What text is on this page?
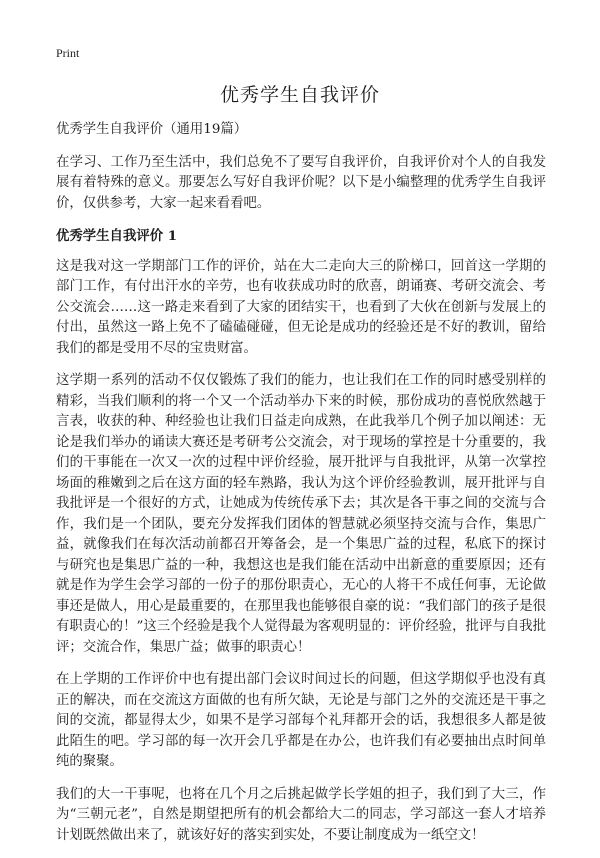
Print
优秀学生自我评价

优秀学生自我评价（通用19篇）

在学习、工作乃至生活中，我们总免不了要写自我评价，自我评价对个人的自我发展有着特殊的意义。那要怎么写好自我评价呢？以下是小编整理的优秀学生自我评价，仅供参考，大家一起来看看吧。

优秀学生自我评价 1

这是我对这一学期部门工作的评价，站在大二走向大三的阶梯口，回首这一学期的部门工作，有付出汗水的辛劳，也有收获成功时的欣喜，朗诵赛、考研交流会、考公交流会……这一路走来看到了大家的团结实干，也看到了大伙在创新与发展上的付出，虽然这一路上免不了磕磕碰碰，但无论是成功的经验还是不好的教训，留给我们的都是受用不尽的宝贵财富。

这学期一系列的活动不仅仅锻炼了我们的能力，也让我们在工作的同时感受别样的精彩，当我们顺利的将一个又一个活动举办下来的时候，那份成功的喜悦欣然越于言表，收获的种、种经验也让我们日益走向成熟，在此我举几个例子加以阐述：无论是我们举办的诵读大赛还是考研考公交流会，对于现场的掌控是十分重要的，我们的干事能在一次又一次的过程中评价经验，展开批评与自我批评，从第一次掌控场面的稚嫩到之后在这方面的轻车熟路，我认为这个评价经验教训，展开批评与自我批评是一个很好的方式，让她成为传统传承下去；其次是各干事之间的交流与合作，我们是一个团队，要充分发挥我们团体的智慧就必须坚持交流与合作，集思广益，就像我们在每次活动前都召开筹备会，是一个集思广益的过程，私底下的探讨与研究也是集思广益的一种，我想这也是我们能在活动中出新意的重要原因；还有就是作为学生会学习部的一份子的那份职责心，无心的人将干不成任何事，无论做事还是做人，用心是最重要的，在那里我也能够很自豪的说：“我们部门的孩子是很有职责心的！”这三个经验是我个人觉得最为客观明显的：评价经验，批评与自我批评；交流合作，集思广益；做事的职责心！

在上学期的工作评价中也有提出部门会议时间过长的问题，但这学期似乎也没有真正的解决，而在交流这方面做的也有所欠缺，无论是与部门之外的交流还是干事之间的交流，都显得太少，如果不是学习部每个礼拜都开会的话，我想很多人都是彼此陌生的吧。学习部的每一次开会几乎都是在办公，也许我们有必要抽出点时间单纯的聚聚。

我们的大一干事呢，也将在几个月之后挑起做学长学姐的担子，我们到了大三，作为“三朝元老”，自然是期望把所有的机会都给大二的同志，学习部这一套人才培养计划既然做出来了，就该好好的落实到实处，不要让制度成为一纸空文！
